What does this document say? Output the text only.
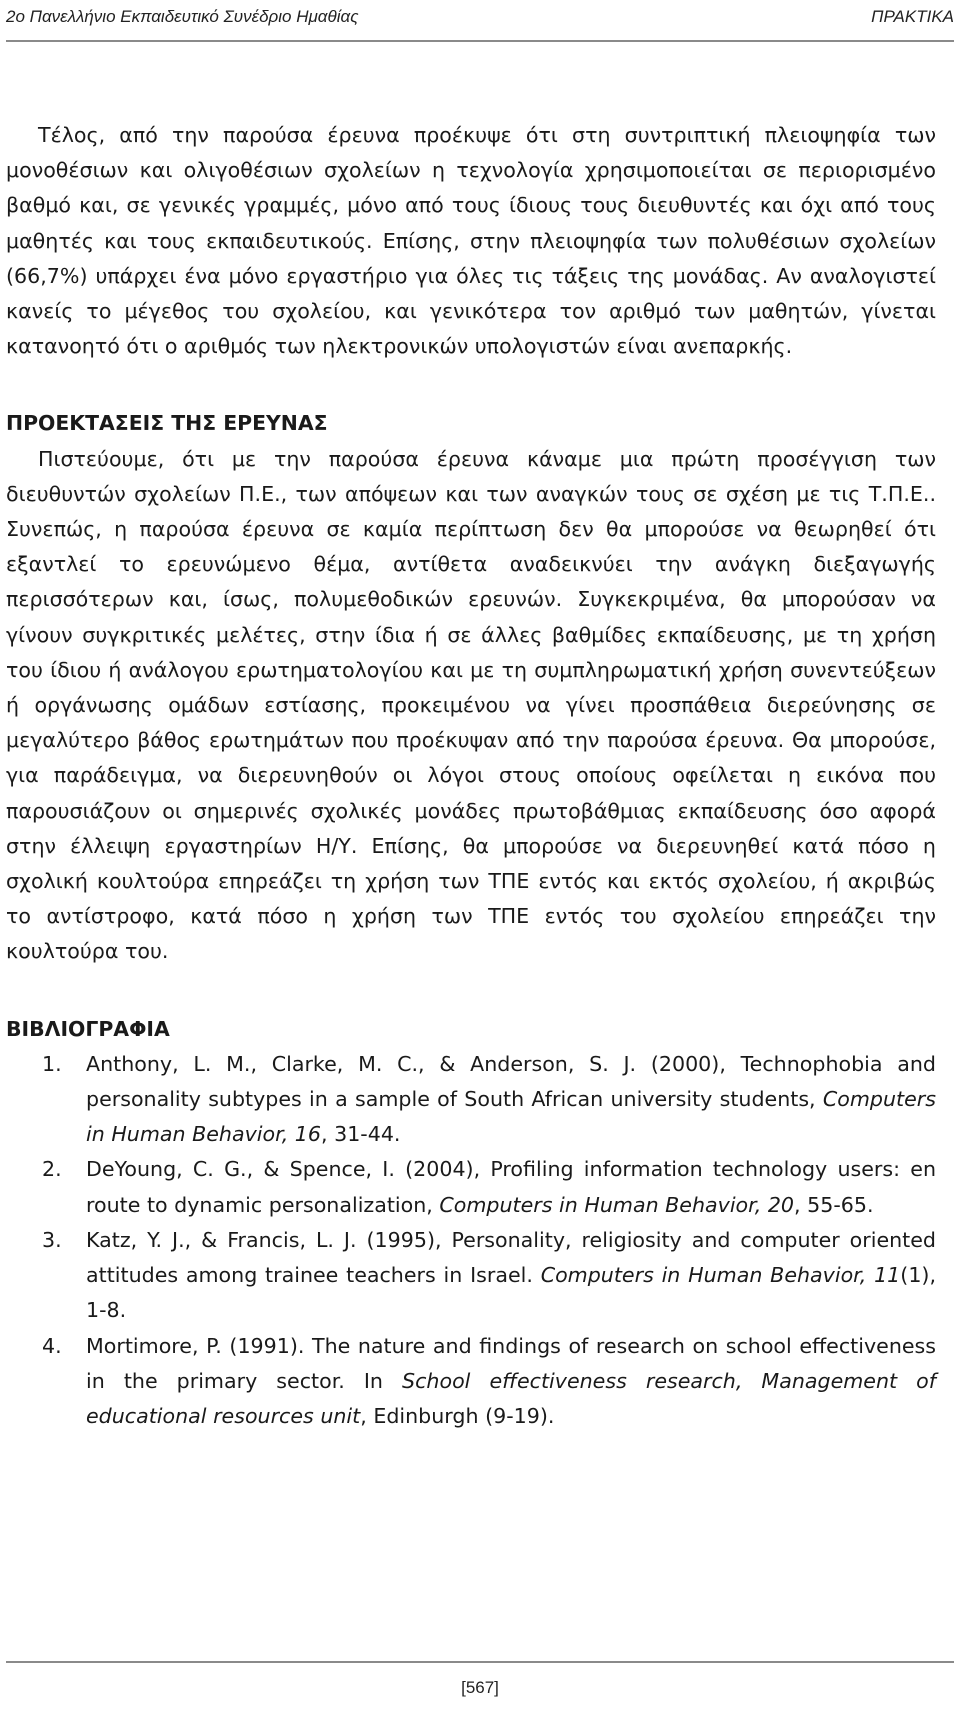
2ο Πανελλήνιο Εκπαιδευτικό Συνέδριο Ημαθίας	ΠΡΑΚΤΙΚΑ

Τέλος, από την παρούσα έρευνα προέκυψε ότι στη συντριπτική πλειοψηφία των μονοθέσιων και ολιγοθέσιων σχολείων η τεχνολογία χρησιμοποιείται σε περιορισμένο βαθμό και, σε γενικές γραμμές, μόνο από τους ίδιους τους διευθυντές και όχι από τους μαθητές και τους εκπαιδευτικούς. Επίσης, στην πλειοψηφία των πολυθέσιων σχολείων (66,7%) υπάρχει ένα μόνο εργαστήριο για όλες τις τάξεις της μονάδας. Αν αναλογιστεί κανείς το μέγεθος του σχολείου, και γενικότερα τον αριθμό των μαθητών, γίνεται κατανοητό ότι ο αριθμός των ηλεκτρονικών υπολογιστών είναι ανεπαρκής.

ΠΡΟΕΚΤΑΣΕΙΣ ΤΗΣ ΕΡΕΥΝΑΣ

Πιστεύουμε, ότι με την παρούσα έρευνα κάναμε μια πρώτη προσέγγιση των διευθυντών σχολείων Π.Ε., των απόψεων και των αναγκών τους σε σχέση με τις Τ.Π.Ε.. Συνεπώς, η παρούσα έρευνα σε καμία περίπτωση δεν θα μπορούσε να θεωρηθεί ότι εξαντλεί το ερευνώμενο θέμα, αντίθετα αναδεικνύει την ανάγκη διεξαγωγής περισσότερων και, ίσως, πολυμεθοδικών ερευνών. Συγκεκριμένα, θα μπορούσαν να γίνουν συγκριτικές μελέτες, στην ίδια ή σε άλλες βαθμίδες εκπαίδευσης, με τη χρήση του ίδιου ή ανάλογου ερωτηματολογίου και με τη συμπληρωματική χρήση συνεντεύξεων ή οργάνωσης ομάδων εστίασης, προκειμένου να γίνει προσπάθεια διερεύνησης σε μεγαλύτερο βάθος ερωτημάτων που προέκυψαν από την παρούσα έρευνα. Θα μπορούσε, για παράδειγμα, να διερευνηθούν οι λόγοι στους οποίους οφείλεται η εικόνα που παρουσιάζουν οι σημερινές σχολικές μονάδες πρωτοβάθμιας εκπαίδευσης όσο αφορά στην έλλειψη εργαστηρίων Η/Υ. Επίσης, θα μπορούσε να διερευνηθεί κατά πόσο η σχολική κουλτούρα επηρεάζει τη χρήση των ΤΠΕ εντός και εκτός σχολείου, ή ακριβώς το αντίστροφο, κατά πόσο η χρήση των ΤΠΕ εντός του σχολείου επηρεάζει την κουλτούρα του.

ΒΙΒΛΙΟΓΡΑΦΙΑ
1. Anthony, L. M., Clarke, M. C., & Anderson, S. J. (2000), Technophobia and personality subtypes in a sample of South African university students, Computers in Human Behavior, 16, 31-44.
2. DeYoung, C. G., & Spence, I. (2004), Profiling information technology users: en route to dynamic personalization, Computers in Human Behavior, 20, 55-65.
3. Katz, Y. J., & Francis, L. J. (1995), Personality, religiosity and computer oriented attitudes among trainee teachers in Israel. Computers in Human Behavior, 11(1), 1-8.
4. Mortimore, P. (1991). The nature and findings of research on school effectiveness in the primary sector. In School effectiveness research, Management of educational resources unit, Edinburgh (9-19).
[567]
